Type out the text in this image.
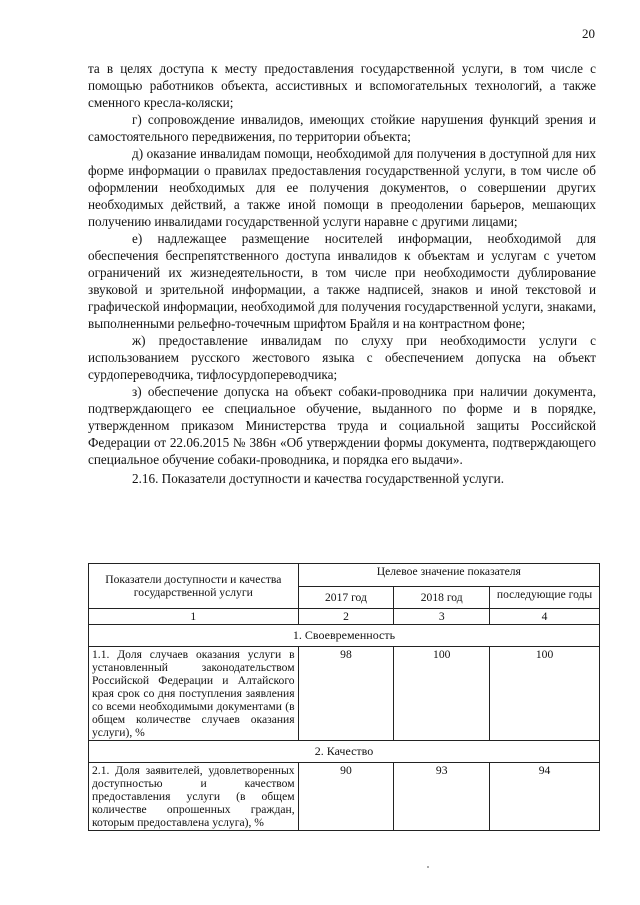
20

та в целях доступа к месту предоставления государственной услуги, в том числе с помощью работников объекта, ассистивных и вспомогательных технологий, а также сменного кресла-коляски;

г) сопровождение инвалидов, имеющих стойкие нарушения функций зрения и самостоятельного передвижения, по территории объекта;

д) оказание инвалидам помощи, необходимой для получения в доступной для них форме информации о правилах предоставления государственной услуги, в том числе об оформлении необходимых для ее получения документов, о совершении других необходимых действий, а также иной помощи в преодолении барьеров, мешающих получению инвалидами государственной услуги наравне с другими лицами;

е) надлежащее размещение носителей информации, необходимой для обеспечения беспрепятственного доступа инвалидов к объектам и услугам с учетом ограничений их жизнедеятельности, в том числе при необходимости дублирование звуковой и зрительной информации, а также надписей, знаков и иной текстовой и графической информации, необходимой для получения государственной услуги, знаками, выполненными рельефно-точечным шрифтом Брайля и на контрастном фоне;

ж) предоставление инвалидам по слуху при необходимости услуги с использованием русского жестового языка с обеспечением допуска на объект сурдопереводчика, тифлосурдопереводчика;

з) обеспечение допуска на объект собаки-проводника при наличии документа, подтверждающего ее специальное обучение, выданного по форме и в порядке, утвержденном приказом Министерства труда и социальной защиты Российской Федерации от 22.06.2015 № 386н «Об утверждении формы документа, подтверждающего специальное обучение собаки-проводника, и порядка его выдачи».

2.16. Показатели доступности и качества государственной услуги.

Показатели доступности и качества государственной услуги	Целевое значение показателя		
	2017 год	2018 год	последующие годы
1	2	3	4
1. Своевременность			
1.1. Доля случаев оказания услуги в установленный законодательством Российской Федерации и Алтайского края срок со дня поступления заявления со всеми необходимыми документами (в общем количестве случаев оказания услуги), %	98	100	100
2. Качество			
2.1. Доля заявителей, удовлетворенных доступностью и качеством предоставления услуги (в общем количестве опрошенных граждан, которым предоставлена услуга), %	90	93	94
